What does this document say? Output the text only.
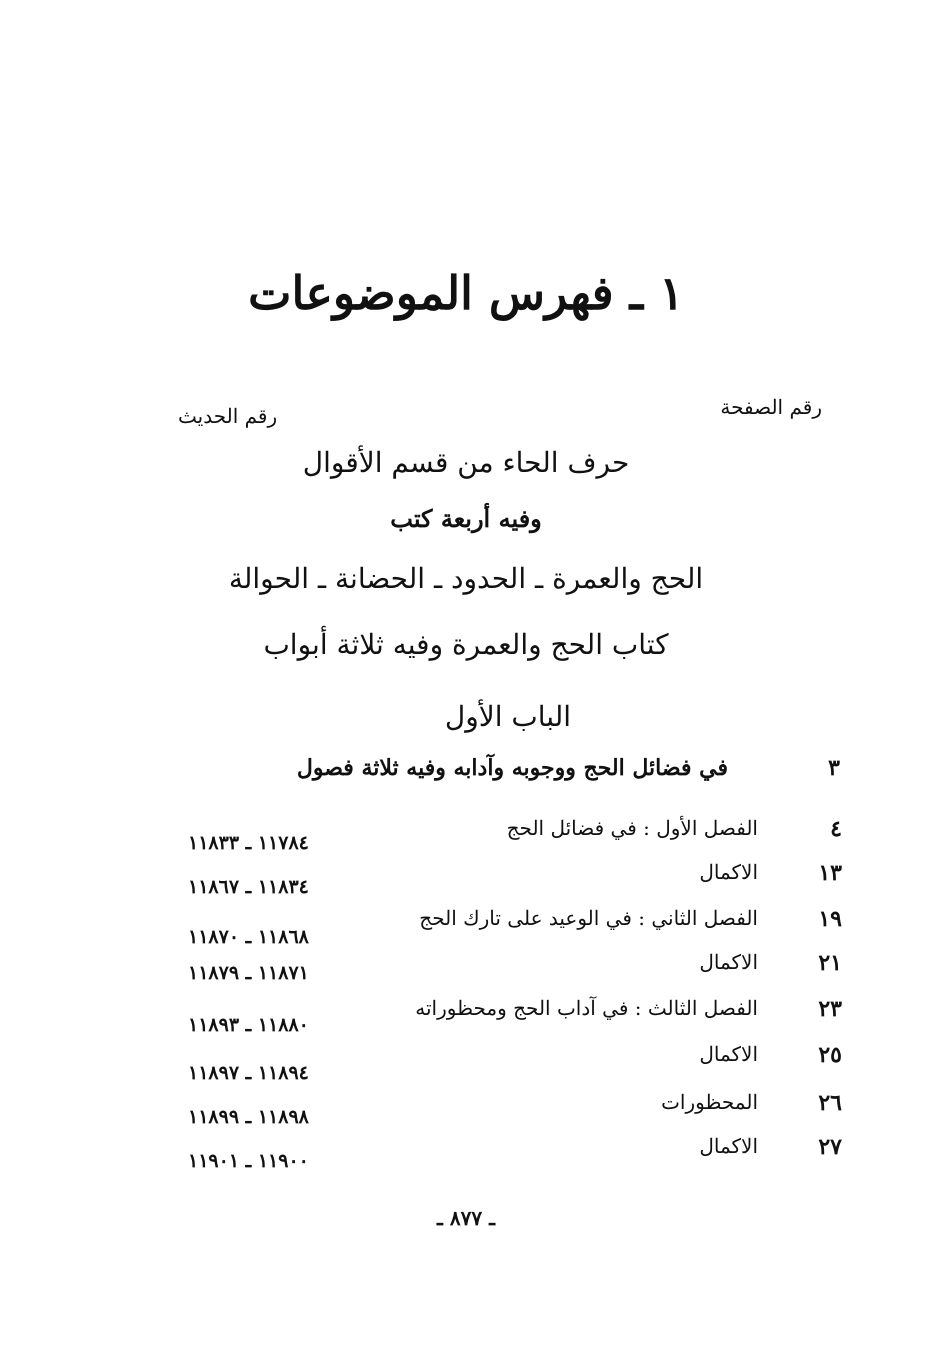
١ ـ فهرس الموضوعات
رقم الصفحة
رقم الحديث
حرف الحاء من قسم الأقوال
وفيه أربعة كتب
الحج والعمرة ـ الحدود ـ الحضانة ـ الحوالة
كتاب الحج والعمرة وفيه ثلاثة أبواب
الباب الأول
٣
في فضائل الحج ووجوبه وآدابه وفيه ثلاثة فصول
٤
الفصل الأول : في فضائل الحج
١٣
الاكمال
١٩
الفصل الثاني : في الوعيد على تارك الحج
٢١
الاكمال
٢٣
الفصل الثالث : في آداب الحج ومحظوراته
٢٥
الاكمال
٢٦
المحظورات
٢٧
الاكمال
١١٧٨٤ ـ ١١٨٣٣
١١٨٣٤ ـ ١١٨٦٧
١١٨٦٨ ـ ١١٨٧٠
١١٨٧١ ـ ١١٨٧٩
١١٨٨٠ ـ ١١٨٩٣
١١٨٩٤ ـ ١١٨٩٧
١١٨٩٨ ـ ١١٨٩٩
١١٩٠٠ ـ ١١٩٠١
ـ ٨٧٧ ـ
